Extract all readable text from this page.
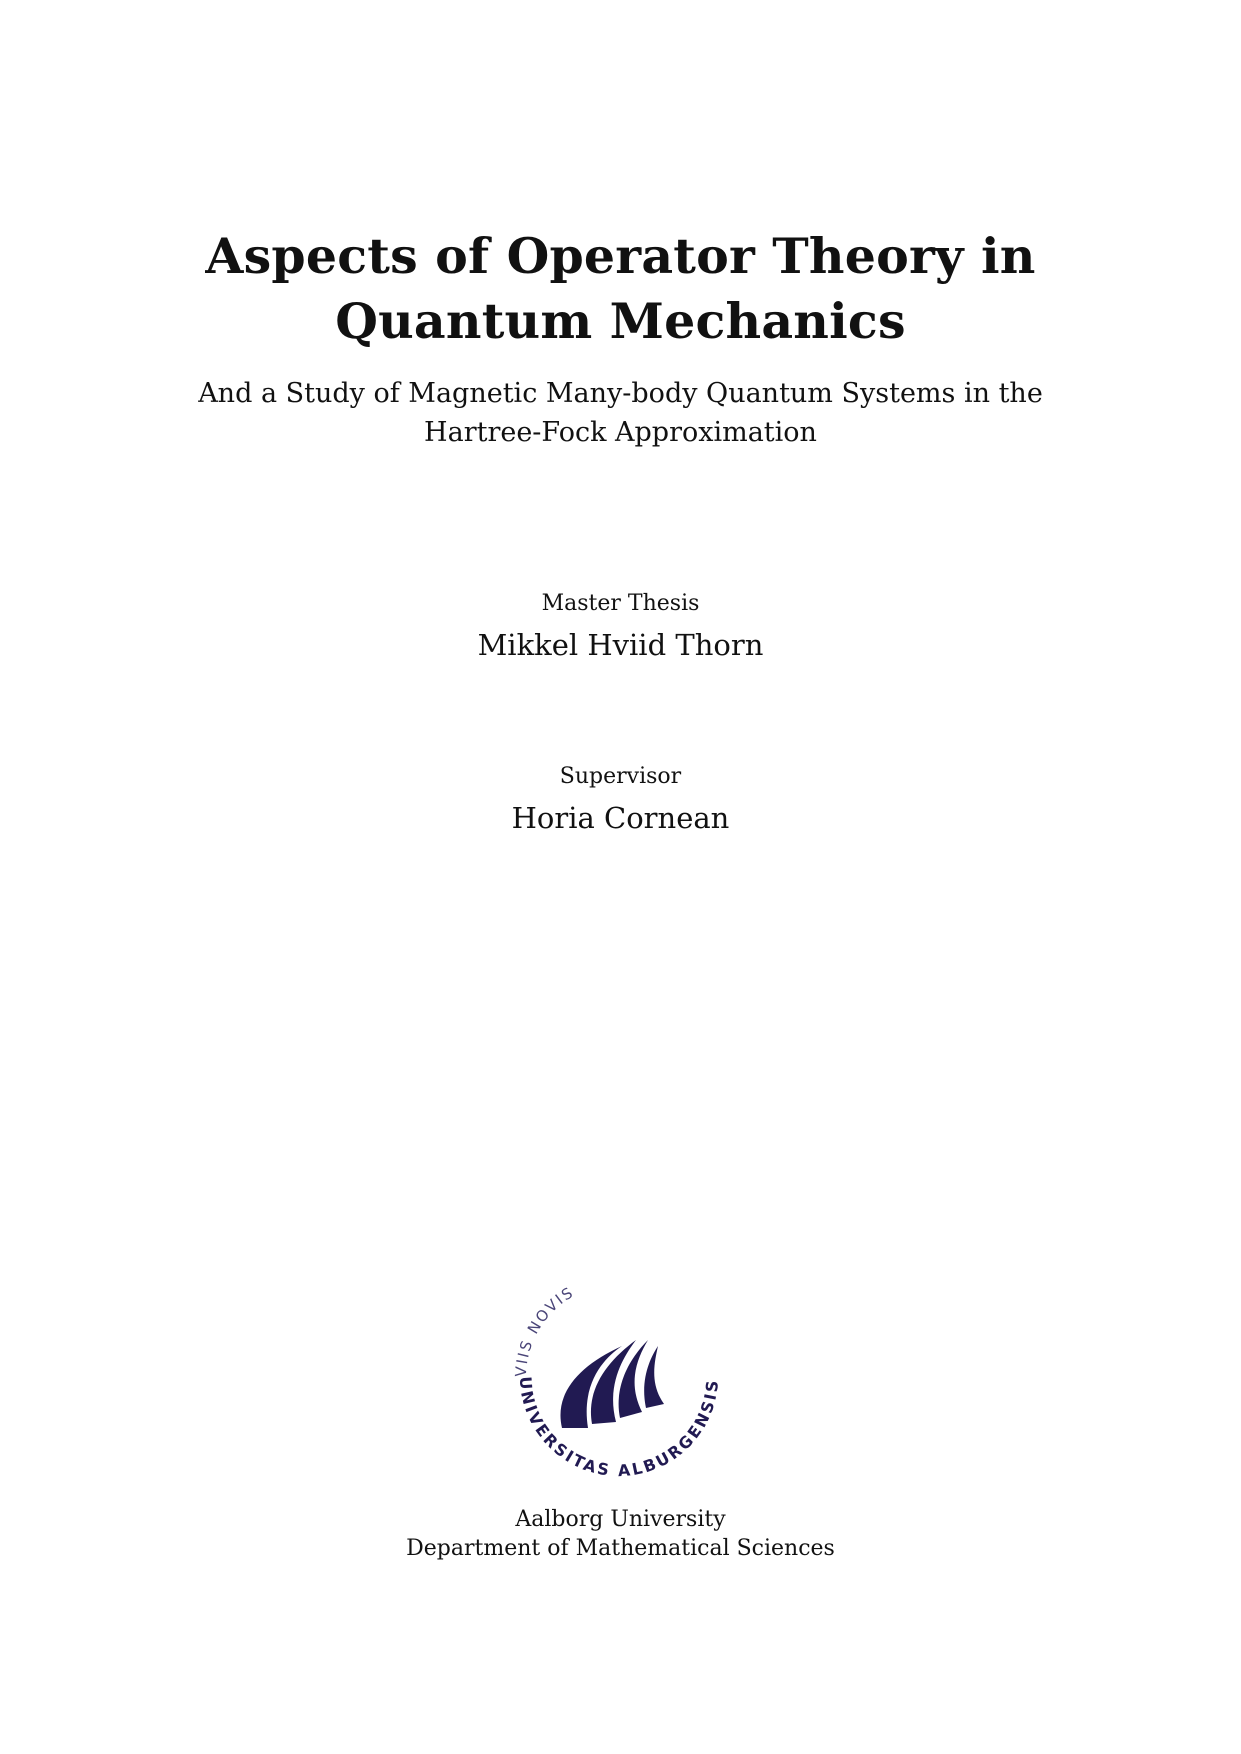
Aspects of Operator Theory in
Quantum Mechanics
And a Study of Magnetic Many-body Quantum Systems in the
Hartree-Fock Approximation
Master Thesis
Mikkel Hviid Thorn
Supervisor
Horia Cornean
VIIS NOVIS
UNIVERSITAS ALBURGENSIS
Aalborg University
Department of Mathematical Sciences
